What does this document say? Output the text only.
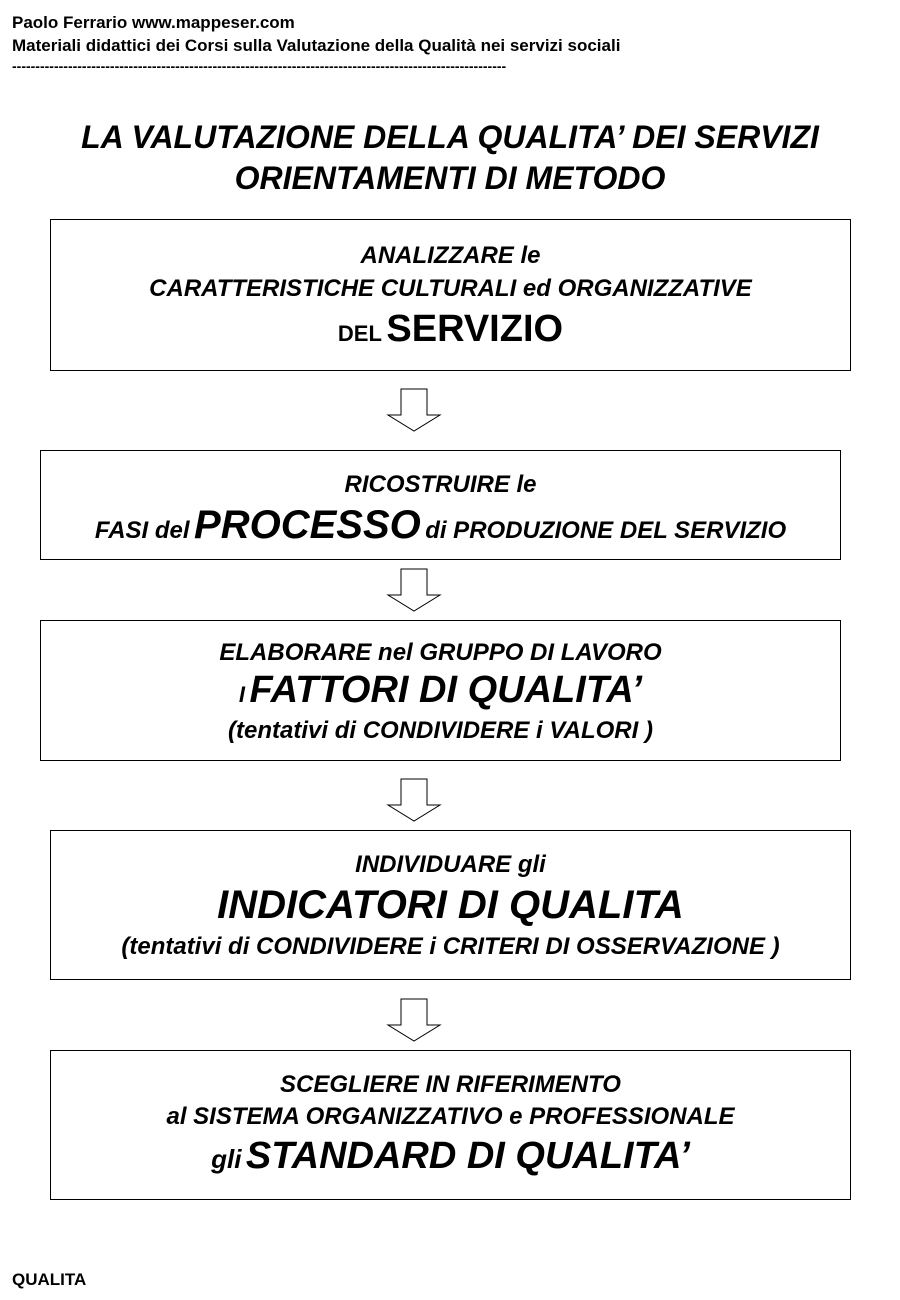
Paolo Ferrario www.mappeser.com
Materiali didattici dei Corsi sulla Valutazione della Qualità nei servizi sociali
----------------------------------------------------------------------------------------------------------
LA VALUTAZIONE DELLA QUALITA’ DEI SERVIZI
ORIENTAMENTI DI METODO
ANALIZZARE le
CARATTERISTICHE CULTURALI ed ORGANIZZATIVE
DEL SERVIZIO
RICOSTRUIRE le
FASI del PROCESSO di PRODUZIONE DEL SERVIZIO
ELABORARE nel GRUPPO DI LAVORO
I FATTORI DI QUALITA’
(tentativi di CONDIVIDERE i VALORI )
INDIVIDUARE gli
INDICATORI DI QUALITA
(tentativi di CONDIVIDERE i CRITERI DI OSSERVAZIONE )
SCEGLIERE IN RIFERIMENTO
al SISTEMA ORGANIZZATIVO e PROFESSIONALE
gli STANDARD DI QUALITA’
QUALITA
